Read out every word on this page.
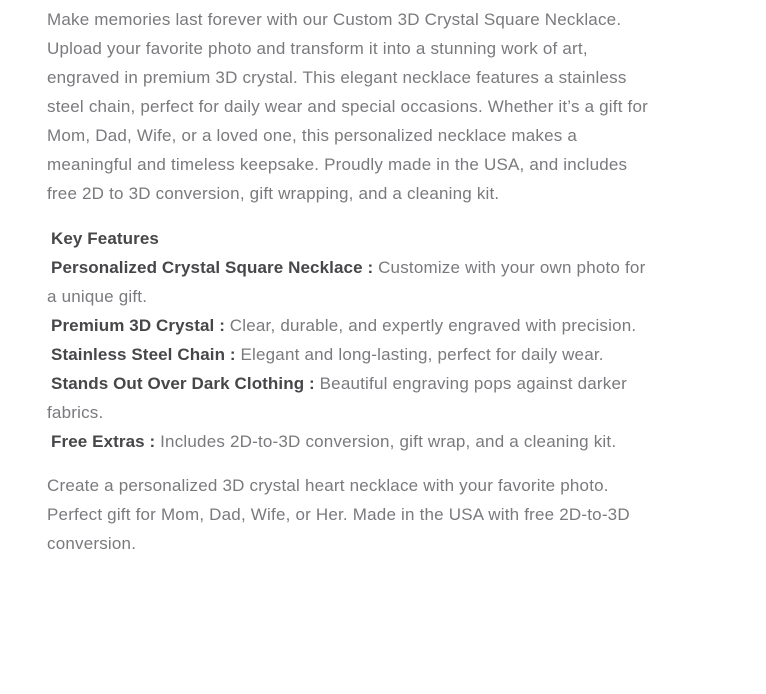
Make memories last forever with our Custom 3D Crystal Square Necklace. Upload your favorite photo and transform it into a stunning work of art, engraved in premium 3D crystal. This elegant necklace features a stainless steel chain, perfect for daily wear and special occasions. Whether it’s a gift for Mom, Dad, Wife, or a loved one, this personalized necklace makes a meaningful and timeless keepsake. Proudly made in the USA, and includes free 2D to 3D conversion, gift wrapping, and a cleaning kit.

Key Features

Personalized Crystal Square Necklace : Customize with your own photo for a unique gift.

Premium 3D Crystal : Clear, durable, and expertly engraved with precision.

Stainless Steel Chain : Elegant and long-lasting, perfect for daily wear.

Stands Out Over Dark Clothing : Beautiful engraving pops against darker fabrics.

Free Extras : Includes 2D-to-3D conversion, gift wrap, and a cleaning kit.

Create a personalized 3D crystal heart necklace with your favorite photo. Perfect gift for Mom, Dad, Wife, or Her. Made in the USA with free 2D-to-3D conversion.
